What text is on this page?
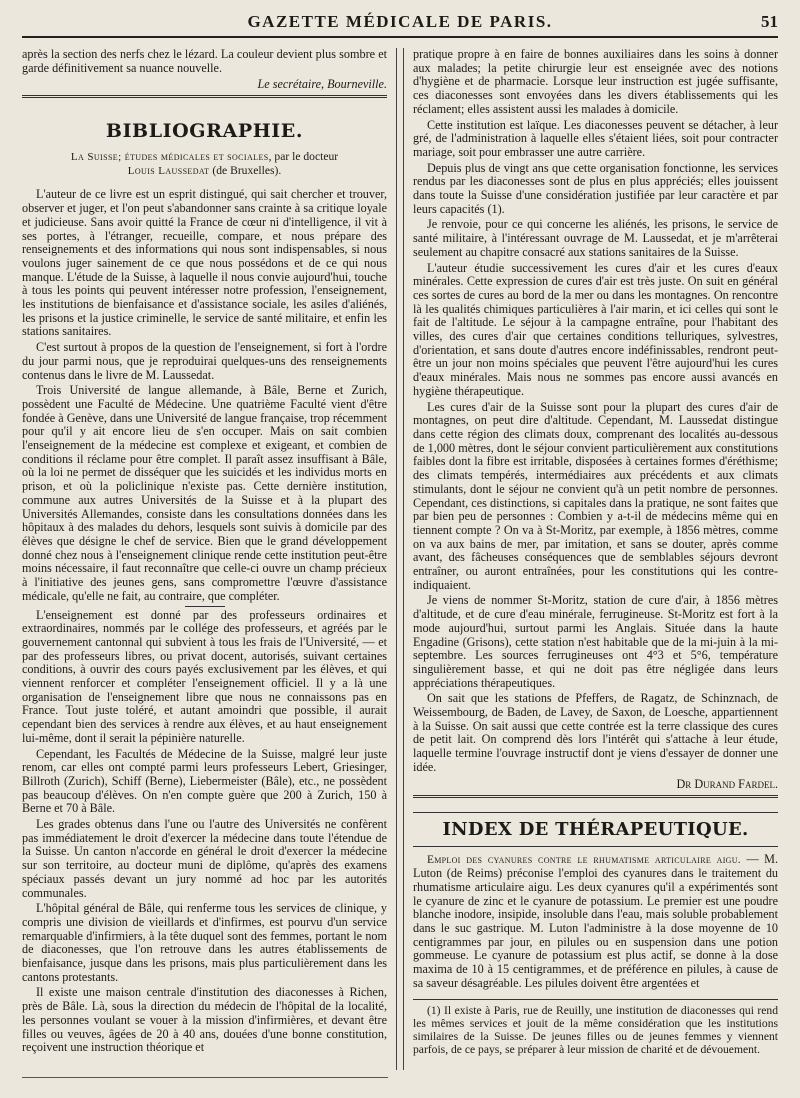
GAZETTE MÉDICALE DE PARIS.	51

après la section des nerfs chez le lézard. La couleur devient plus sombre et garde définitivement sa nuance nouvelle.

Le secrétaire, Bourneville.
BIBLIOGRAPHIE.
La Suisse; études médicales et sociales, par le docteur
Louis Laussedat (de Bruxelles).

L'auteur de ce livre est un esprit distingué, qui sait chercher et trouver, observer et juger, et l'on peut s'abandonner sans crainte à sa critique loyale et judicieuse. Sans avoir quitté la France de cœur ni d'intelligence, il vit à ses portes, à l'étranger, recueille, compare, et nous prépare des renseignements et des informations qui nous sont indispensables, si nous voulons juger sainement de ce que nous possédons et de ce qui nous manque. L'étude de la Suisse, à laquelle il nous convie aujourd'hui, touche à tous les points qui peuvent intéresser notre profession, l'enseignement, les institutions de bienfaisance et d'assistance sociale, les asiles d'aliénés, les prisons et la justice criminelle, le service de santé militaire, et enfin les stations sanitaires.

C'est surtout à propos de la question de l'enseignement, si fort à l'ordre du jour parmi nous, que je reproduirai quelques-uns des renseignements contenus dans le livre de M. Laussedat.

Trois Université de langue allemande, à Bâle, Berne et Zurich, possèdent une Faculté de Médecine. Une quatrième Faculté vient d'être fondée à Genève, dans une Université de langue française, trop récemment pour qu'il y ait encore lieu de s'en occuper. Mais on sait combien l'enseignement de la médecine est complexe et exigeant, et combien de conditions il réclame pour être complet. Il paraît assez insuffisant à Bâle, où la loi ne permet de disséquer que les suicidés et les individus morts en prison, et où la policlinique n'existe pas. Cette dernière institution, commune aux autres Universités de la Suisse et à la plupart des Universités Allemandes, consiste dans les consultations données dans les hôpitaux à des malades du dehors, lesquels sont suivis à domicile par des élèves que désigne le chef de service. Bien que le grand développement donné chez nous à l'enseignement clinique rende cette institution peut-être moins nécessaire, il faut reconnaître que celle-ci ouvre un champ précieux à l'initiative des jeunes gens, sans compromettre l'œuvre d'assistance médicale, qu'elle ne fait, au contraire, que compléter.

L'enseignement est donné par des professeurs ordinaires et extraordinaires, nommés par le collége des professeurs, et agréés par le gouvernement cantonnal qui subvient à tous les frais de l'Université, — et par des professeurs libres, ou privat docent, autorisés, suivant certaines conditions, à ouvrir des cours payés exclusivement par les élèves, et qui viennent renforcer et compléter l'enseignement officiel. Il y a là une organisation de l'enseignement libre que nous ne connaissons pas en France. Tout juste toléré, et autant amoindri que possible, il aurait cependant bien des services à rendre aux élèves, et au haut enseignement lui-même, dont il serait la pépinière naturelle.

Cependant, les Facultés de Médecine de la Suisse, malgré leur juste renom, car elles ont compté parmi leurs professeurs Lebert, Griesinger, Billroth (Zurich), Schiff (Berne), Liebermeister (Bâle), etc., ne possèdent pas beaucoup d'élèves. On n'en compte guère que 200 à Zurich, 150 à Berne et 70 à Bâle.

Les grades obtenus dans l'une ou l'autre des Universités ne confèrent pas immédiatement le droit d'exercer la médecine dans toute l'étendue de la Suisse. Un canton n'accorde en général le droit d'exercer la médecine sur son territoire, au docteur muni de diplôme, qu'après des examens spéciaux passés devant un jury nommé ad hoc par les autorités communales.

L'hôpital général de Bâle, qui renferme tous les services de clinique, y compris une division de vieillards et d'infirmes, est pourvu d'un service remarquable d'infirmiers, à la tête duquel sont des femmes, portant le nom de diaconesses, que l'on retrouve dans les autres établissements de bienfaisance, jusque dans les prisons, mais plus particulièrement dans les cantons protestants.

Il existe une maison centrale d'institution des diaconesses à Richen, près de Bâle. Là, sous la direction du médecin de l'hôpital de la localité, les personnes voulant se vouer à la mission d'infirmières, et devant être filles ou veuves, âgées de 20 à 40 ans, douées d'une bonne constitution, reçoivent une instruction théorique et

pratique propre à en faire de bonnes auxiliaires dans les soins à donner aux malades; la petite chirurgie leur est enseignée avec des notions d'hygiène et de pharmacie. Lorsque leur instruction est jugée suffisante, ces diaconesses sont envoyées dans les divers établissements qui les réclament; elles assistent aussi les malades à domicile.

Cette institution est laïque. Les diaconesses peuvent se détacher, à leur gré, de l'administration à laquelle elles s'étaient liées, soit pour contracter mariage, soit pour embrasser une autre carrière.

Depuis plus de vingt ans que cette organisation fonctionne, les services rendus par les diaconesses sont de plus en plus appréciés; elles jouissent dans toute la Suisse d'une considération justifiée par leur caractère et par leurs capacités (1).

Je renvoie, pour ce qui concerne les aliénés, les prisons, le service de santé militaire, à l'intéressant ouvrage de M. Laussedat, et je m'arrêterai seulement au chapitre consacré aux stations sanitaires de la Suisse.

L'auteur étudie successivement les cures d'air et les cures d'eaux minérales. Cette expression de cures d'air est très juste. On suit en général ces sortes de cures au bord de la mer ou dans les montagnes. On rencontre là les qualités chimiques particulières à l'air marin, et ici celles qui sont le fait de l'altitude. Le séjour à la campagne entraîne, pour l'habitant des villes, des cures d'air que certaines conditions telluriques, sylvestres, d'orientation, et sans doute d'autres encore indéfinissables, rendront peut-être un jour non moins spéciales que peuvent l'être aujourd'hui les cures d'eaux minérales. Mais nous ne sommes pas encore aussi avancés en hygiène thérapeutique.

Les cures d'air de la Suisse sont pour la plupart des cures d'air de montagnes, on peut dire d'altitude. Cependant, M. Laussedat distingue dans cette région des climats doux, comprenant des localités au-dessous de 1,000 mètres, dont le séjour convient particulièrement aux constitutions faibles dont la fibre est irritable, disposées à certaines formes d'éréthisme; des climats tempérés, intermédiaires aux précédents et aux climats stimulants, dont le séjour ne convient qu'à un petit nombre de personnes. Cependant, ces distinctions, si capitales dans la pratique, ne sont faites que par bien peu de personnes : Combien y a-t-il de médecins même qui en tiennent compte ? On va à St-Moritz, par exemple, à 1856 mètres, comme on va aux bains de mer, par imitation, et sans se douter, après comme avant, des fâcheuses conséquences que de semblables séjours devront entraîner, ou auront entraînées, pour les constitutions qui les contre-indiquaient.

Je viens de nommer St-Moritz, station de cure d'air, à 1856 mètres d'altitude, et de cure d'eau minérale, ferrugineuse. St-Moritz est fort à la mode aujourd'hui, surtout parmi les Anglais. Située dans la haute Engadine (Grisons), cette station n'est habitable que de la mi-juin à la mi-septembre. Les sources ferrugineuses ont 4°3 et 5°6, température singulièrement basse, et qui ne doit pas être négligée dans leurs appréciations thérapeutiques.

On sait que les stations de Pfeffers, de Ragatz, de Schinznach, de Weissembourg, de Baden, de Lavey, de Saxon, de Loesche, appartiennent à la Suisse. On sait aussi que cette contrée est la terre classique des cures de petit lait. On comprend dès lors l'intérêt qui s'attache à leur étude, laquelle termine l'ouvrage instructif dont je viens d'essayer de donner une idée.

Dr Durand Fardel.
INDEX DE THÉRAPEUTIQUE.

Emploi des cyanures contre le rhumatisme articulaire aigu. — M. Luton (de Reims) préconise l'emploi des cyanures dans le traitement du rhumatisme articulaire aigu. Les deux cyanures qu'il a expérimentés sont le cyanure de zinc et le cyanure de potassium. Le premier est une poudre blanche inodore, insipide, insoluble dans l'eau, mais soluble probablement dans le suc gastrique. M. Luton l'administre à la dose moyenne de 10 centigrammes par jour, en pilules ou en suspension dans une potion gommeuse. Le cyanure de potassium est plus actif, se donne à la dose maxima de 10 à 15 centigrammes, et de préférence en pilules, à cause de sa saveur désagréable. Les pilules doivent être argentées et

(1) Il existe à Paris, rue de Reuilly, une institution de diaconesses qui rend les mêmes services et jouit de la même considération que les institutions similaires de la Suisse. De jeunes filles ou de jeunes femmes y viennent parfois, de ce pays, se préparer à leur mission de charité et de dévouement.
